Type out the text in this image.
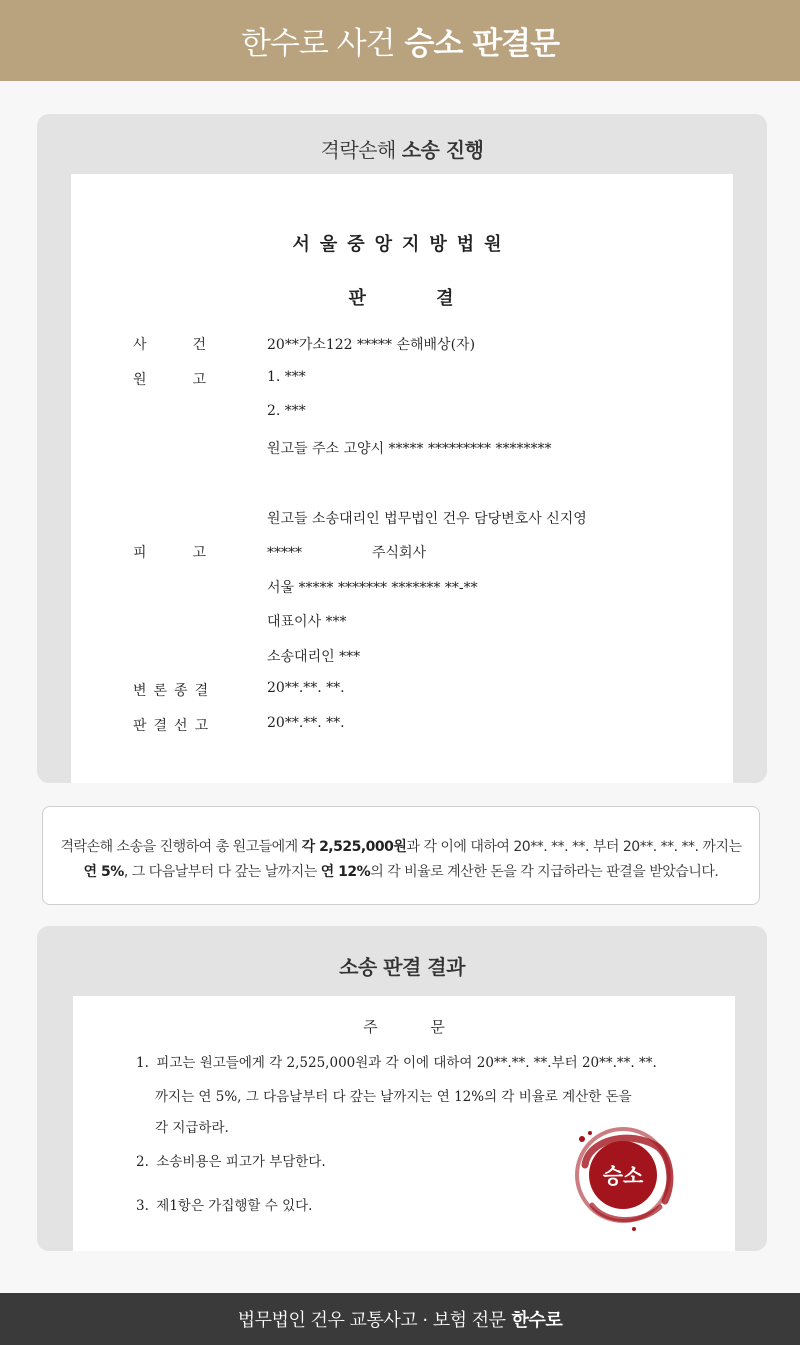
한수로 사건 승소 판결문
격락손해 소송 진행
서울중앙지방법원
판 결
사건 20**가소122 ***** 손해배상(자)
원고 1. ***
2. ***
원고들 주소 고양시 ***** ********* ********
원고들 소송대리인 법무법인 건우 담당변호사 신지영
피고 *****	주식회사
서울 ***** ******* ******* **-**
대표이사 ***
소송대리인 ***
변론종결	20**.**. **.
판결선고	20**.**. **.

격락손해 소송을 진행하여 총 원고들에게 각 2,525,000원과 각 이에 대하여 20**. **. **. 부터 20**. **. **. 까지는

연 5%, 그 다음날부터 다 갚는 날까지는 연 12%의 각 비율로 계산한 돈을 각 지급하라는 판결을 받았습니다.

소송 판결 결과
주 문
1. 피고는 원고들에게 각 2,525,000원과 각 이에 대하여 20**.**. **.부터 20**.**. **.
까지는 연 5%, 그 다음날부터 다 갚는 날까지는 연 12%의 각 비율로 계산한 돈을
각 지급하라.
2. 소송비용은 피고가 부담한다.
3. 제1항은 가집행할 수 있다.
승소
법무법인 건우 교통사고 · 보험 전문 한수로
